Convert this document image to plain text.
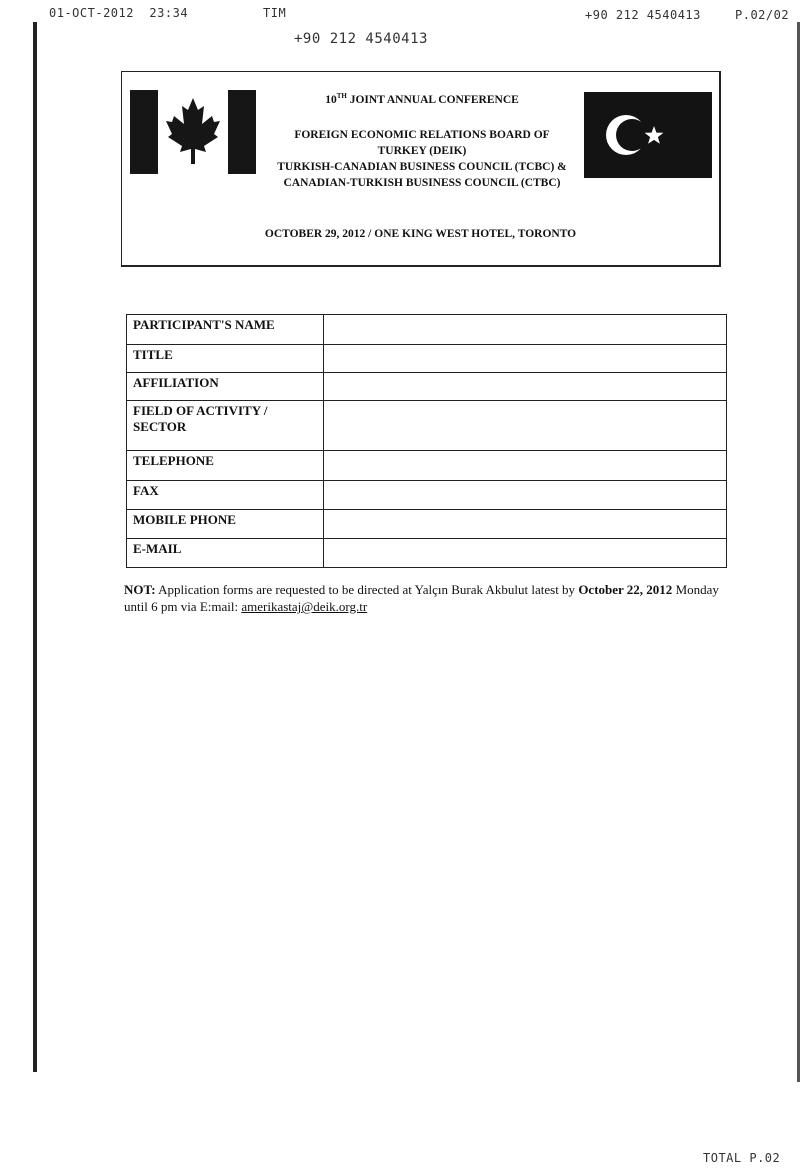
01-OCT-2012  23:34	TIM	+90 212 4540413	P.02/02
+90 212 4540413
10TH JOINT ANNUAL CONFERENCE
FOREIGN ECONOMIC RELATIONS BOARD OF
TURKEY (DEIK)
TURKISH-CANADIAN BUSINESS COUNCIL (TCBC) &
CANADIAN-TURKISH BUSINESS COUNCIL (CTBC)
OCTOBER 29, 2012 / ONE KING WEST HOTEL, TORONTO
PARTICIPANT'S NAME	
TITLE	
AFFILIATION	
FIELD OF ACTIVITY / SECTOR	
TELEPHONE	
FAX	
MOBILE PHONE	
E-MAIL	
NOT: Application forms are requested to be directed at Yalçın Burak Akbulut latest by October 22, 2012 Monday until 6 pm via E:mail: amerikastaj@deik.org.tr
TOTAL P.02
